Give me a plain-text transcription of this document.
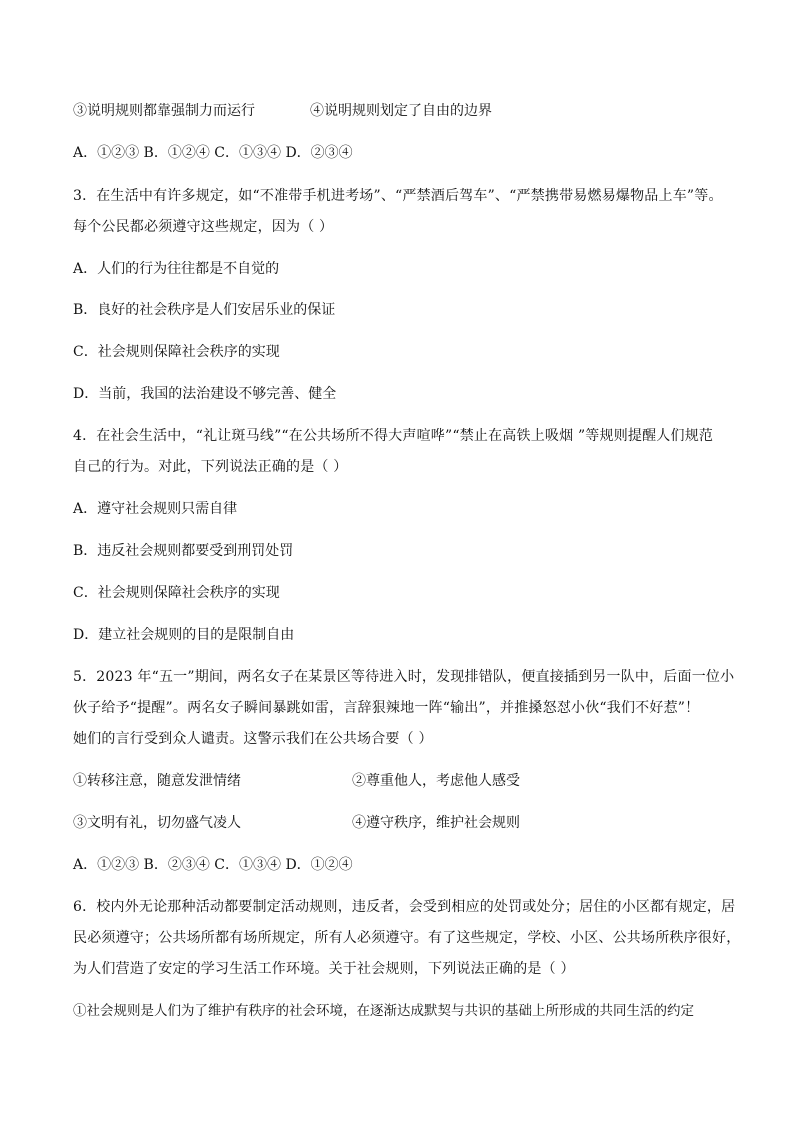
③说明规则都靠强制力而运行	④说明规则划定了自由的边界

A．①②③ B．①②④ C．①③④ D．②③④

3．在生活中有许多规定，如“不准带手机进考场”、“严禁酒后驾车”、“严禁携带易燃易爆物品上车”等。

每个公民都必须遵守这些规定，因为（ ）

A．人们的行为往往都是不自觉的

B．良好的社会秩序是人们安居乐业的保证

C．社会规则保障社会秩序的实现

D．当前，我国的法治建设不够完善、健全

4．在社会生活中，“礼让斑马线”“在公共场所不得大声喧哗”“禁止在高铁上吸烟 ”等规则提醒人们规范

自己的行为。对此，下列说法正确的是（ ）

A．遵守社会规则只需自律

B．违反社会规则都要受到刑罚处罚

C．社会规则保障社会秩序的实现

D．建立社会规则的目的是限制自由

5．2023 年“五一”期间，两名女子在某景区等待进入时，发现排错队，便直接插到另一队中，后面一位小

伙子给予“提醒”。两名女子瞬间暴跳如雷，言辞狠辣地一阵“输出”，并推搡怒怼小伙“我们不好惹”！

她们的言行受到众人谴责。这警示我们在公共场合要（ ）

①转移注意，随意发泄情绪	②尊重他人，考虑他人感受

③文明有礼，切勿盛气凌人	④遵守秩序，维护社会规则

A．①②③ B．②③④ C．①③④ D．①②④

6．校内外无论那种活动都要制定活动规则，违反者，会受到相应的处罚或处分；居住的小区都有规定，居

民必须遵守；公共场所都有场所规定，所有人必须遵守。有了这些规定，学校、小区、公共场所秩序很好，

为人们营造了安定的学习生活工作环境。关于社会规则，下列说法正确的是（ ）

①社会规则是人们为了维护有秩序的社会环境，在逐渐达成默契与共识的基础上所形成的共同生活的约定
